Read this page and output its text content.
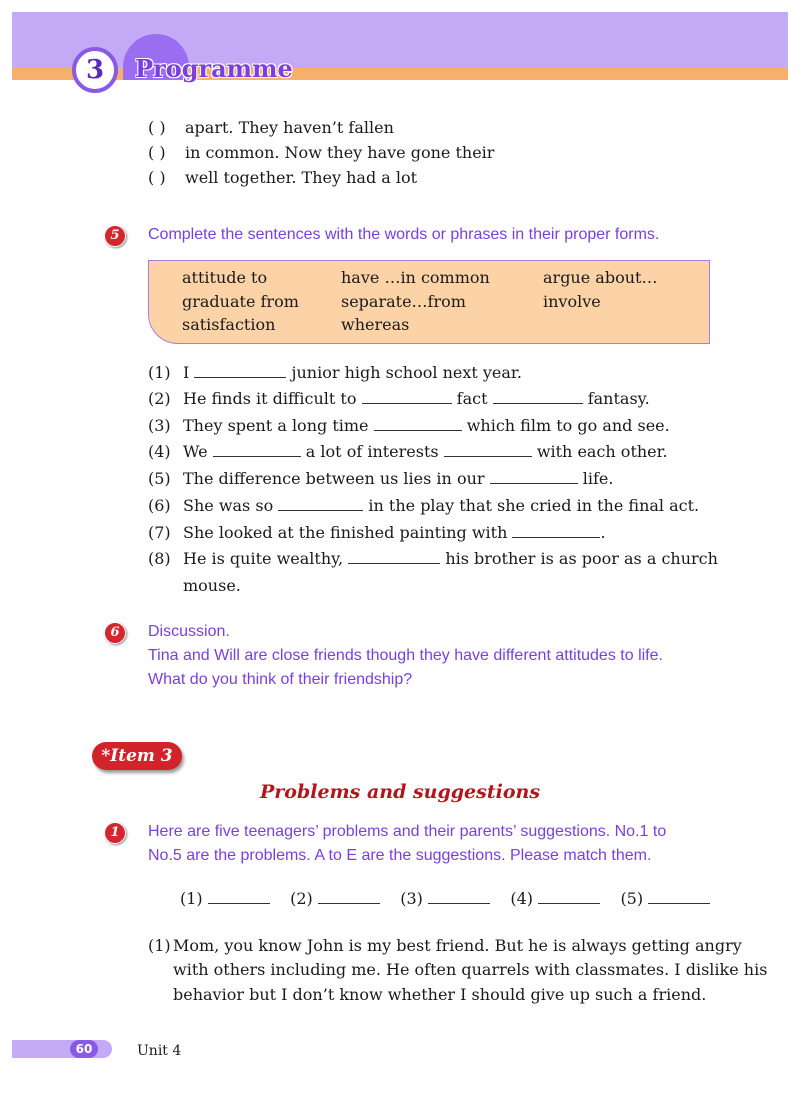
3	Programme
( ) apart. They haven’t fallen
( ) in common. Now they have gone their
( ) well together. They had a lot
5	Complete the sentences with the words or phrases in their proper forms.
attitude to	have …in common	argue about…
graduate from	separate…from	involve
satisfaction	whereas
(1) I	junior high school next year.
(2) He finds it difficult to	fact	fantasy.
(3) They spent a long time	which film to go and see.
(4) We	a lot of interests	with each other.
(5) The difference between us lies in our	life.
(6) She was so	in the play that she cried in the final act.
(7) She looked at the finished painting with	.
(8) He is quite wealthy,	his brother is as poor as a church
mouse.
6	Discussion.
Tina and Will are close friends though they have different attitudes to life.
What do you think of their friendship?
*Item 3
Problems and suggestions
1	Here are five teenagers’ problems and their parents’ suggestions. No.1 to
No.5 are the problems. A to E are the suggestions. Please match them.
(1)	(2)	(3)	(4)	(5)
(1) Mom, you know John is my best friend. But he is always getting angry
with others including me. He often quarrels with classmates. I dislike his
behavior but I don’t know whether I should give up such a friend.
60	Unit 4
